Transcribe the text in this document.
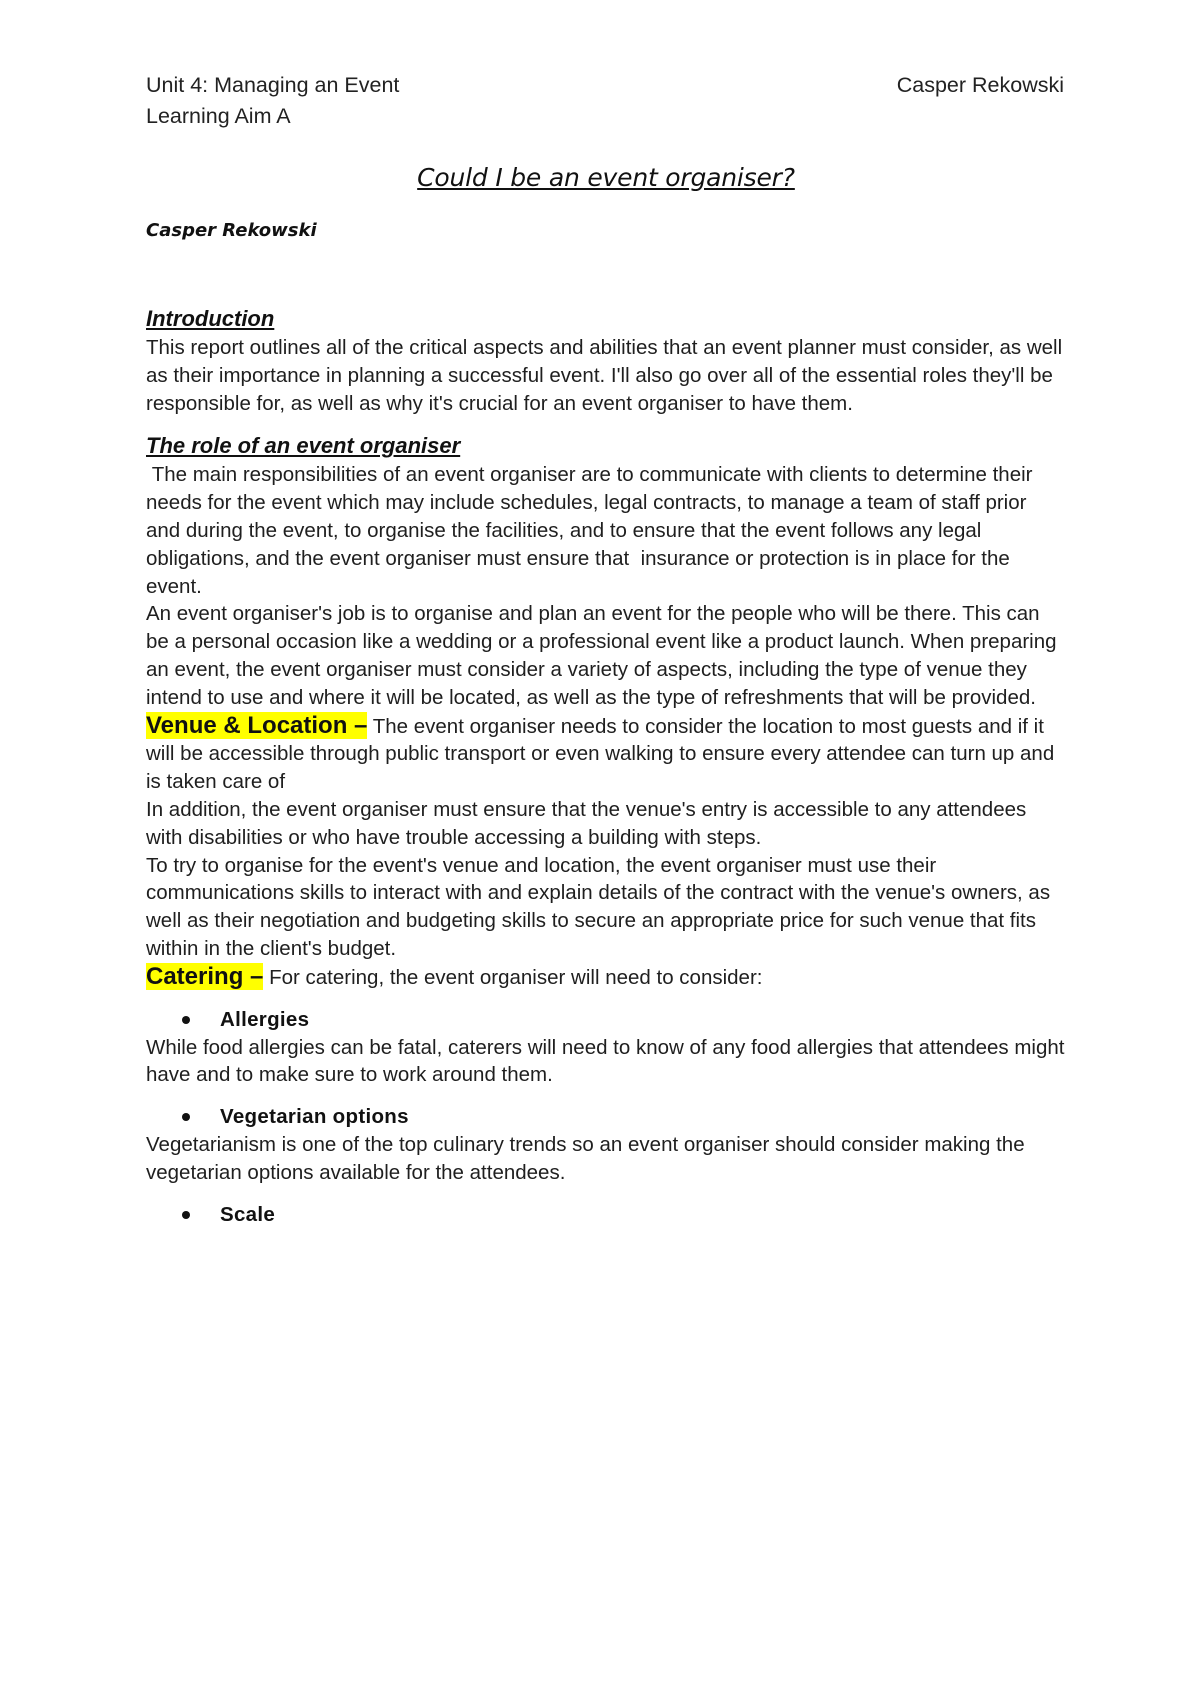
Unit 4: Managing an Event	Casper Rekowski
Learning Aim A
Could I be an event organiser?
Casper Rekowski
Introduction

This report outlines all of the critical aspects and abilities that an event planner must consider, as well as their importance in planning a successful event. I'll also go over all of the essential roles they'll be responsible for, as well as why it's crucial for an event organiser to have them.

The role of an event organiser

The main responsibilities of an event organiser are to communicate with clients to determine their needs for the event which may include schedules, legal contracts, to manage a team of staff prior and during the event, to organise the facilities, and to ensure that the event follows any legal obligations, and the event organiser must ensure that  insurance or protection is in place for the event.

An event organiser's job is to organise and plan an event for the people who will be there. This can be a personal occasion like a wedding or a professional event like a product launch. When preparing an event, the event organiser must consider a variety of aspects, including the type of venue they intend to use and where it will be located, as well as the type of refreshments that will be provided.

Venue & Location – The event organiser needs to consider the location to most guests and if it will be accessible through public transport or even walking to ensure every attendee can turn up and is taken care of

In addition, the event organiser must ensure that the venue's entry is accessible to any attendees with disabilities or who have trouble accessing a building with steps.

To try to organise for the event's venue and location, the event organiser must use their communications skills to interact with and explain details of the contract with the venue's owners, as well as their negotiation and budgeting skills to secure an appropriate price for such venue that fits within in the client's budget.

Catering – For catering, the event organiser will need to consider:

Allergies

While food allergies can be fatal, caterers will need to know of any food allergies that attendees might have and to make sure to work around them.

Vegetarian options

Vegetarianism is one of the top culinary trends so an event organiser should consider making the vegetarian options available for the attendees.

Scale
